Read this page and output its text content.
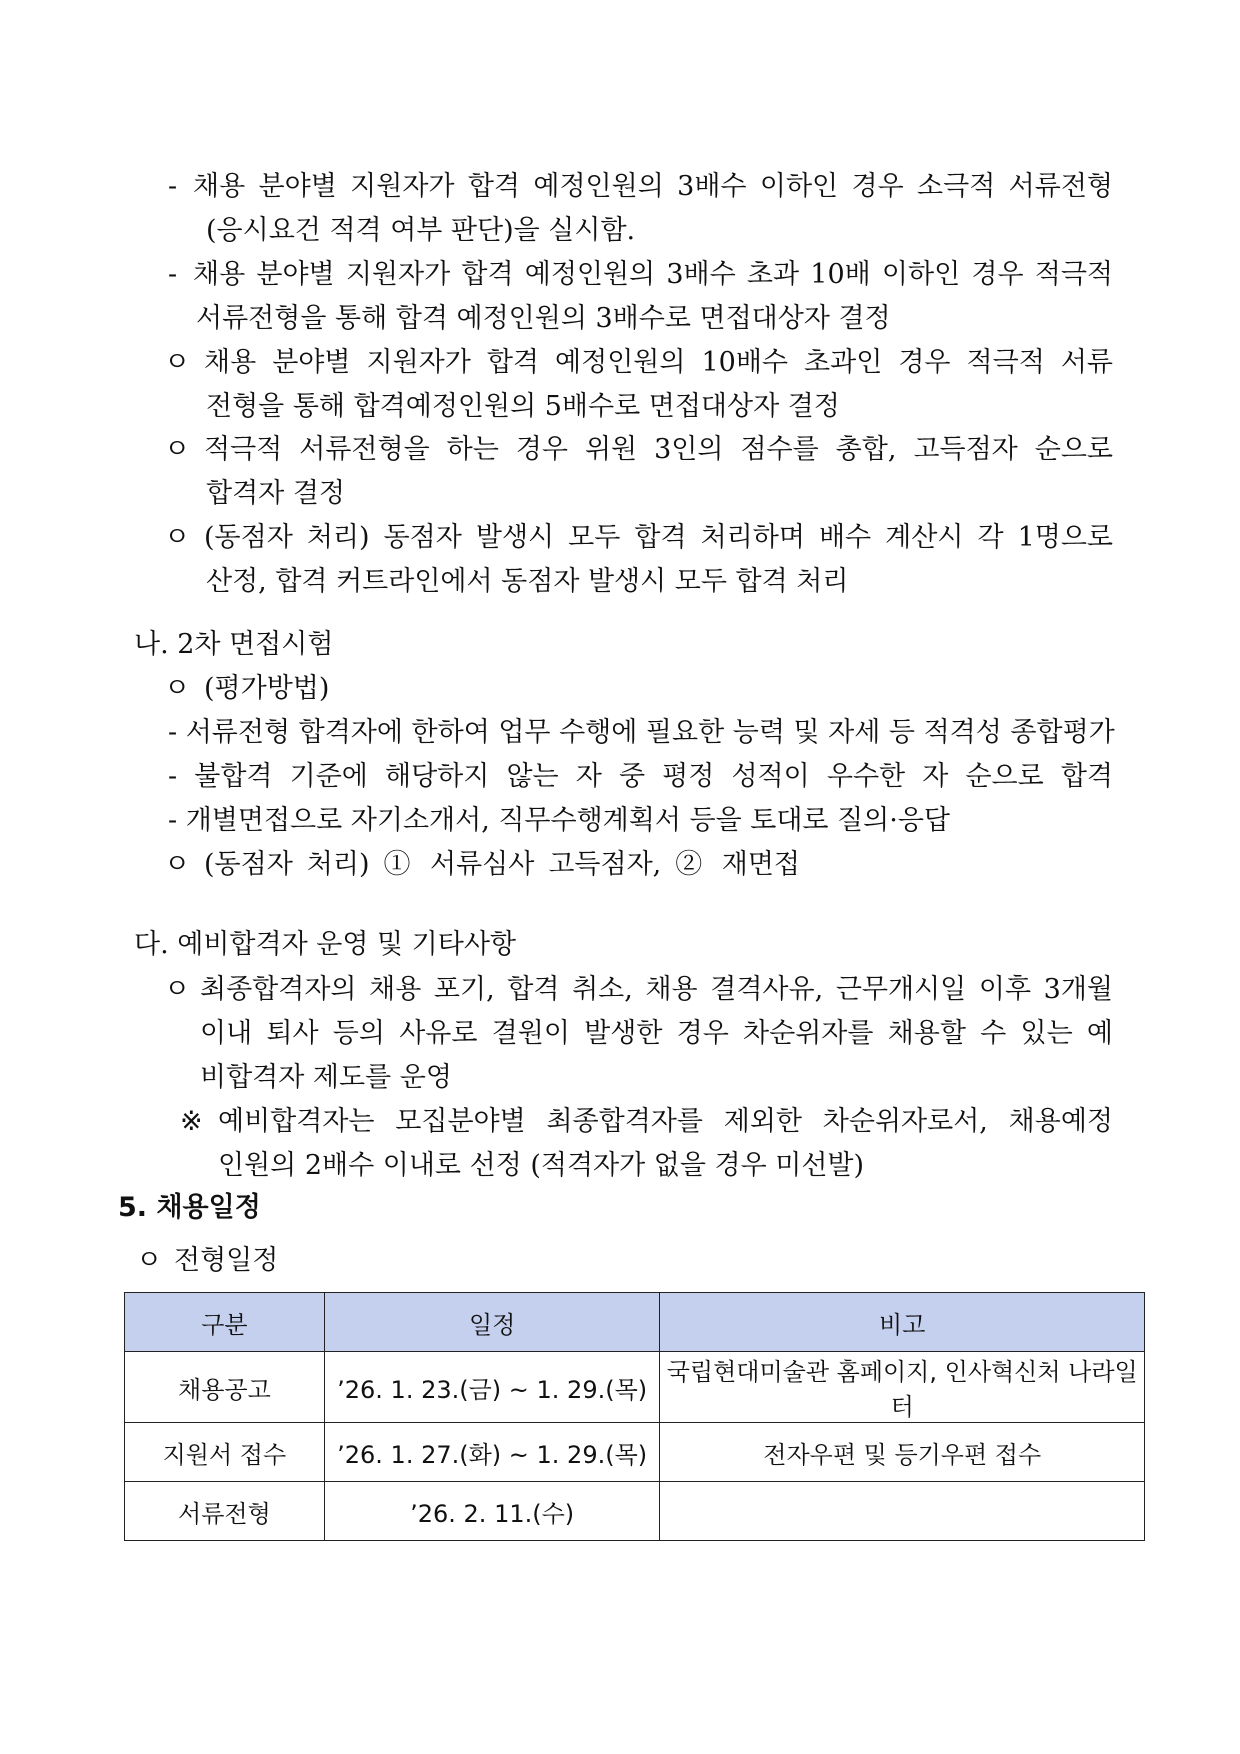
- 채용 분야별 지원자가 합격 예정인원의 3배수 이하인 경우 소극적 서류전형
(응시요건 적격 여부 판단)을 실시함.
- 채용 분야별 지원자가 합격 예정인원의 3배수 초과 10배 이하인 경우 적극적
서류전형을 통해 합격 예정인원의 3배수로 면접대상자 결정
ㅇ 채용 분야별 지원자가 합격 예정인원의 10배수 초과인 경우 적극적 서류
전형을 통해 합격예정인원의 5배수로 면접대상자 결정
ㅇ 적극적 서류전형을 하는 경우 위원 3인의 점수를 총합, 고득점자 순으로
합격자 결정
ㅇ (동점자 처리) 동점자 발생시 모두 합격 처리하며 배수 계산시 각 1명으로
산정, 합격 커트라인에서 동점자 발생시 모두 합격 처리
나. 2차 면접시험
ㅇ (평가방법)
- 서류전형 합격자에 한하여 업무 수행에 필요한 능력 및 자세 등 적격성 종합평가
- 불합격 기준에 해당하지 않는 자 중 평정 성적이 우수한 자 순으로 합격
- 개별면접으로 자기소개서, 직무수행계획서 등을 토대로 질의·응답
ㅇ (동점자 처리) ① 서류심사 고득점자, ② 재면접
다. 예비합격자 운영 및 기타사항
ㅇ 최종합격자의 채용 포기, 합격 취소, 채용 결격사유, 근무개시일 이후 3개월
이내 퇴사 등의 사유로 결원이 발생한 경우 차순위자를 채용할 수 있는 예
비합격자 제도를 운영
※ 예비합격자는 모집분야별 최종합격자를 제외한 차순위자로서, 채용예정
인원의 2배수 이내로 선정 (적격자가 없을 경우 미선발)
5. 채용일정
ㅇ 전형일정
구분	일정	비고
채용공고	’26. 1. 23.(금) ~ 1. 29.(목)	국립현대미술관 홈페이지, 인사혁신처 나라일터
지원서 접수	’26. 1. 27.(화) ~ 1. 29.(목)	전자우편 및 등기우편 접수
서류전형	’26. 2. 11.(수)	
